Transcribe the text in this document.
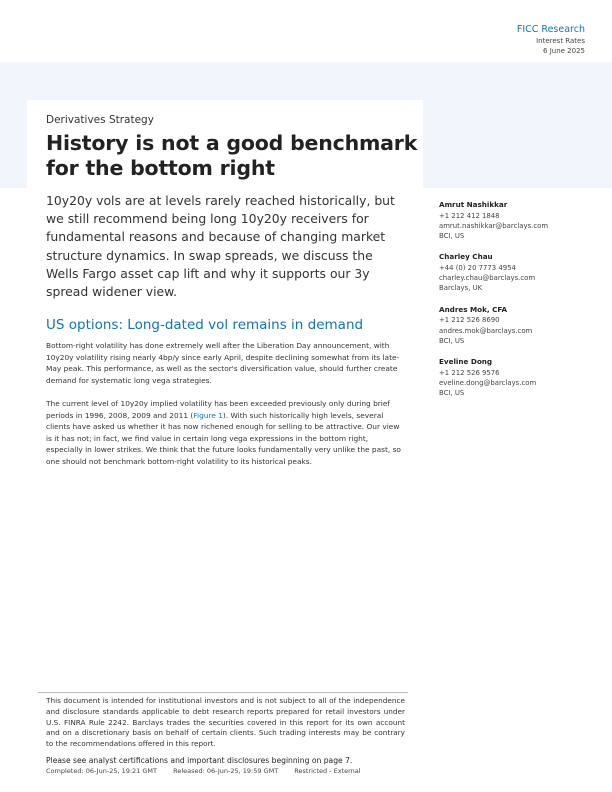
FICC Research
Interest Rates
6 June 2025
Derivatives Strategy
History is not a good benchmark
for the bottom right
10y20y vols are at levels rarely reached historically, but we still recommend being long 10y20y receivers for fundamental reasons and because of changing market structure dynamics. In swap spreads, we discuss the Wells Fargo asset cap lift and why it supports our 3y spread widener view.
Amrut Nashikkar
+1 212 412 1848
amrut.nashikkar@barclays.com
BCI, US
Charley Chau
+44 (0) 20 7773 4954
charley.chau@barclays.com
Barclays, UK
Andres Mok, CFA
+1 212 526 8690
andres.mok@barclays.com
BCI, US
Eveline Dong
+1 212 526 9576
eveline.dong@barclays.com
BCI, US
US options: Long-dated vol remains in demand

Bottom-right volatility has done extremely well after the Liberation Day announcement, with 10y20y volatility rising nearly 4bp/y since early April, despite declining somewhat from its late-May peak. This performance, as well as the sector's diversification value, should further create demand for systematic long vega strategies.

The current level of 10y20y implied volatility has been exceeded previously only during brief periods in 1996, 2008, 2009 and 2011 (Figure 1). With such historically high levels, several clients have asked us whether it has now richened enough for selling to be attractive. Our view is it has not; in fact, we find value in certain long vega expressions in the bottom right, especially in lower strikes. We think that the future looks fundamentally very unlike the past, so one should not benchmark bottom-right volatility to its historical peaks.

This document is intended for institutional investors and is not subject to all of the independence and disclosure standards applicable to debt research reports prepared for retail investors under U.S. FINRA Rule 2242. Barclays trades the securities covered in this report for its own account and on a discretionary basis on behalf of certain clients. Such trading interests may be contrary to the recommendations offered in this report.
Please see analyst certifications and important disclosures beginning on page 7.
Completed: 06-Jun-25, 19:21 GMT Released: 06-Jun-25, 19:59 GMT Restricted - External
